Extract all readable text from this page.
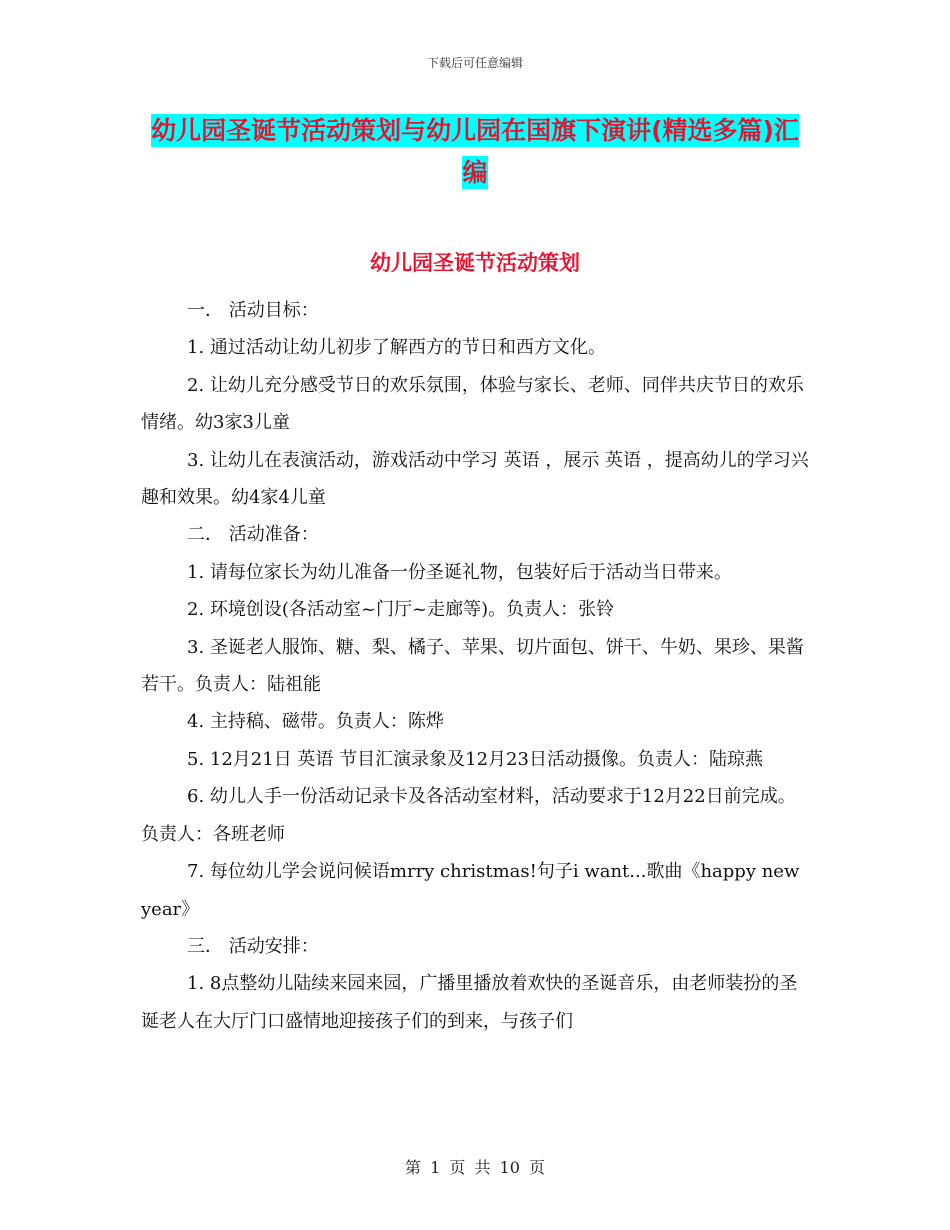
下载后可任意编辑
幼儿园圣诞节活动策划与幼儿园在国旗下演讲(精选多篇)汇编
幼儿园圣诞节活动策划

一． 活动目标：

1. 通过活动让幼儿初步了解西方的节日和西方文化。

2. 让幼儿充分感受节日的欢乐氛围，体验与家长、老师、同伴共庆节日的欢乐情绪。幼3家3儿童

3. 让幼儿在表演活动，游戏活动中学习 英语 ，展示 英语 ，提高幼儿的学习兴趣和效果。幼4家4儿童

二． 活动准备：

1. 请每位家长为幼儿准备一份圣诞礼物，包装好后于活动当日带来。

2. 环境创设(各活动室~门厅~走廊等)。负责人：张铃

3. 圣诞老人服饰、糖、梨、橘子、苹果、切片面包、饼干、牛奶、果珍、果酱若干。负责人：陆祖能

4. 主持稿、磁带。负责人：陈烨

5. 12月21日 英语 节目汇演录象及12月23日活动摄像。负责人：陆琼燕

6. 幼儿人手一份活动记录卡及各活动室材料，活动要求于12月22日前完成。负责人：各班老师

7. 每位幼儿学会说问候语mrry christmas!句子i want...歌曲《happy new year》

三． 活动安排：

1. 8点整幼儿陆续来园来园，广播里播放着欢快的圣诞音乐，由老师装扮的圣诞老人在大厅门口盛情地迎接孩子们的到来，与孩子们

第 1 页 共 10 页
